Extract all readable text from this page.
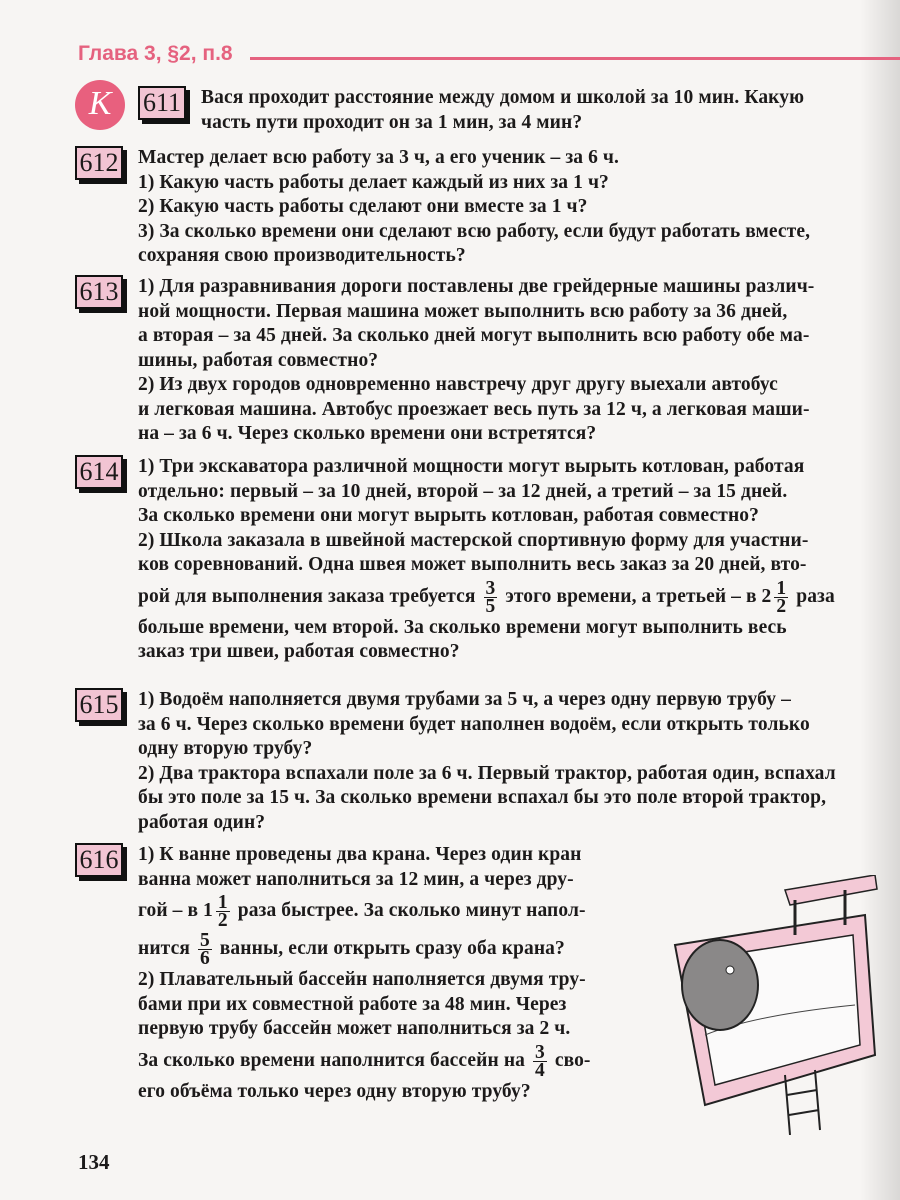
Глава 3, §2, п.8
К	611 Вася проходит расстояние между домом и школой за 10 мин. Какую
часть пути проходит он за 1 мин, за 4 мин?
612 Мастер делает всю работу за 3 ч, а его ученик – за 6 ч.
1) Какую часть работы делает каждый из них за 1 ч?
2) Какую часть работы сделают они вместе за 1 ч?
3) За сколько времени они сделают всю работу, если будут работать вместе,
сохраняя свою производительность?
613 1) Для разравнивания дороги поставлены две грейдерные машины различ-
ной мощности. Первая машина может выполнить всю работу за 36 дней,
а вторая – за 45 дней. За сколько дней могут выполнить всю работу обе ма-
шины, работая совместно?
2) Из двух городов одновременно навстречу друг другу выехали автобус
и легковая машина. Автобус проезжает весь путь за 12 ч, а легковая маши-
на – за 6 ч. Через сколько времени они встретятся?
614 1) Три экскаватора различной мощности могут вырыть котлован, работая
отдельно: первый – за 10 дней, второй – за 12 дней, а третий – за 15 дней.
За сколько времени они могут вырыть котлован, работая совместно?
2) Школа заказала в швейной мастерской спортивную форму для участни-
ков соревнований. Одна швея может выполнить весь заказ за 20 дней, вто-
рой для выполнения заказа требуется $\frac{3}{5}$ этого времени, а третьей – в $2 \frac{1}{2}$ раза
больше времени, чем второй. За сколько времени могут выполнить весь
заказ три швеи, работая совместно?
615 1) Водоём наполняется двумя трубами за 5 ч, а через одну первую трубу –
за 6 ч. Через сколько времени будет наполнен водоём, если открыть только
одну вторую трубу?
2) Два трактора вспахали поле за 6 ч. Первый трактор, работая один, вспахал
бы это поле за 15 ч. За сколько времени вспахал бы это поле второй трактор,
работая один?
616 1) К ванне проведены два крана. Через один кран
ванна может наполниться за 12 мин, а через дру-
гой – в $1 \frac{1}{2}$ раза быстрее. За сколько минут напол-
нится $\frac{5}{6}$ ванны, если открыть сразу оба крана?
2) Плавательный бассейн наполняется двумя тру-
бами при их совместной работе за 48 мин. Через
первую трубу бассейн может наполниться за 2 ч.
За сколько времени наполнится бассейн на $\frac{3}{4} сво-$
его объёма только через одну вторую трубу?
134
